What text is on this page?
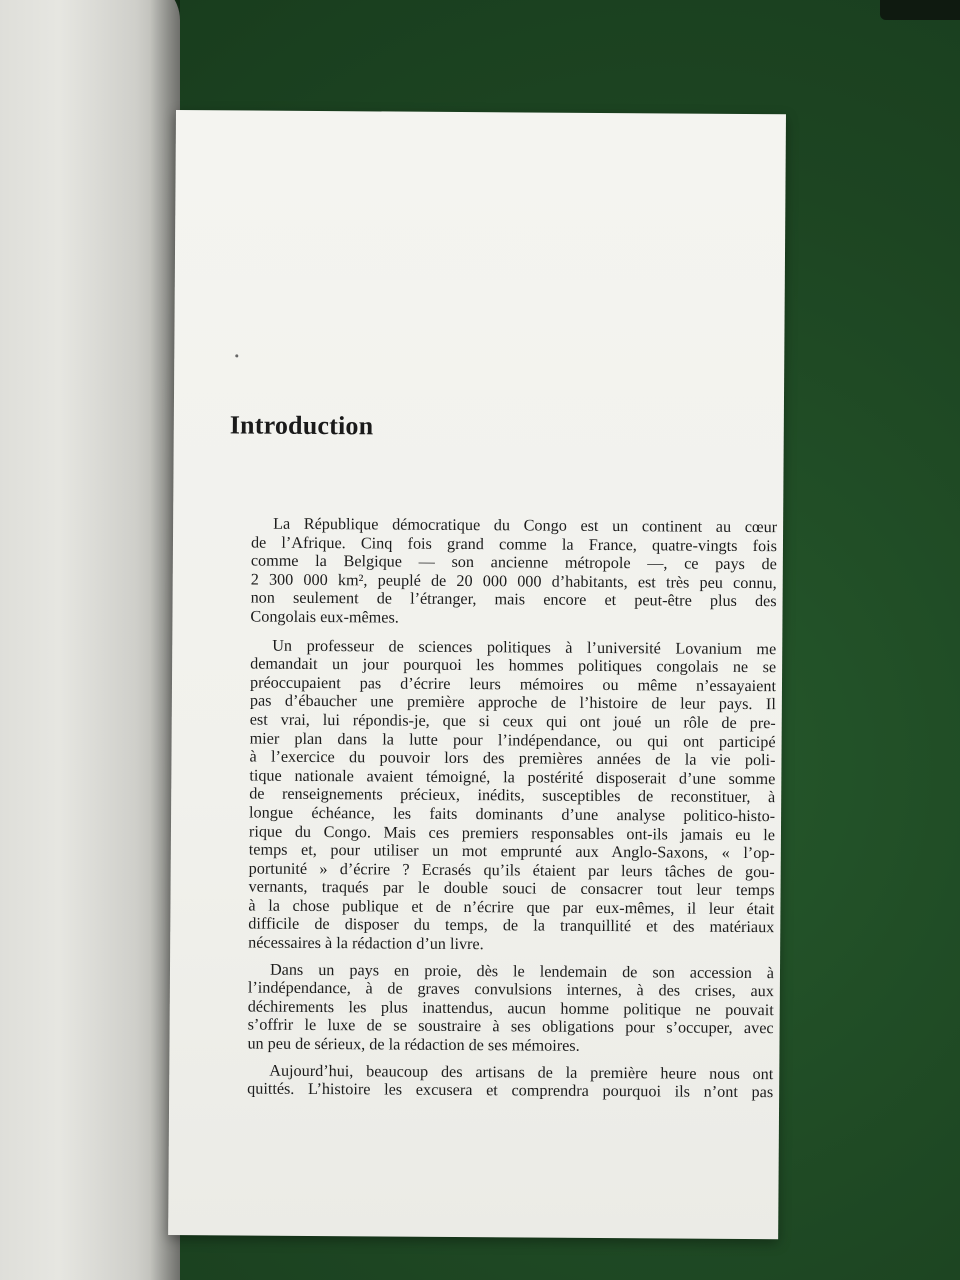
Introduction

La République démocratique du Congo est un continent au cœur
de l’Afrique. Cinq fois grand comme la France, quatre-vingts fois
comme la Belgique — son ancienne métropole —, ce pays de
2 300 000 km², peuplé de 20 000 000 d’habitants, est très peu connu,
non seulement de l’étranger, mais encore et peut-être plus des
Congolais eux-mêmes.

Un professeur de sciences politiques à l’université Lovanium me
demandait un jour pourquoi les hommes politiques congolais ne se
préoccupaient pas d’écrire leurs mémoires ou même n’essayaient
pas d’ébaucher une première approche de l’histoire de leur pays. Il
est vrai, lui répondis-je, que si ceux qui ont joué un rôle de pre-
mier plan dans la lutte pour l’indépendance, ou qui ont participé
à l’exercice du pouvoir lors des premières années de la vie poli-
tique nationale avaient témoigné, la postérité disposerait d’une somme
de renseignements précieux, inédits, susceptibles de reconstituer, à
longue échéance, les faits dominants d’une analyse politico-histo-
rique du Congo. Mais ces premiers responsables ont-ils jamais eu le
temps et, pour utiliser un mot emprunté aux Anglo-Saxons, « l’op-
portunité » d’écrire ? Ecrasés qu’ils étaient par leurs tâches de gou-
vernants, traqués par le double souci de consacrer tout leur temps
à la chose publique et de n’écrire que par eux-mêmes, il leur était
difficile de disposer du temps, de la tranquillité et des matériaux
nécessaires à la rédaction d’un livre.

Dans un pays en proie, dès le lendemain de son accession à
l’indépendance, à de graves convulsions internes, à des crises, aux
déchirements les plus inattendus, aucun homme politique ne pouvait
s’offrir le luxe de se soustraire à ses obligations pour s’occuper, avec
un peu de sérieux, de la rédaction de ses mémoires.

Aujourd’hui, beaucoup des artisans de la première heure nous ont
quittés. L’histoire les excusera et comprendra pourquoi ils n’ont pas
